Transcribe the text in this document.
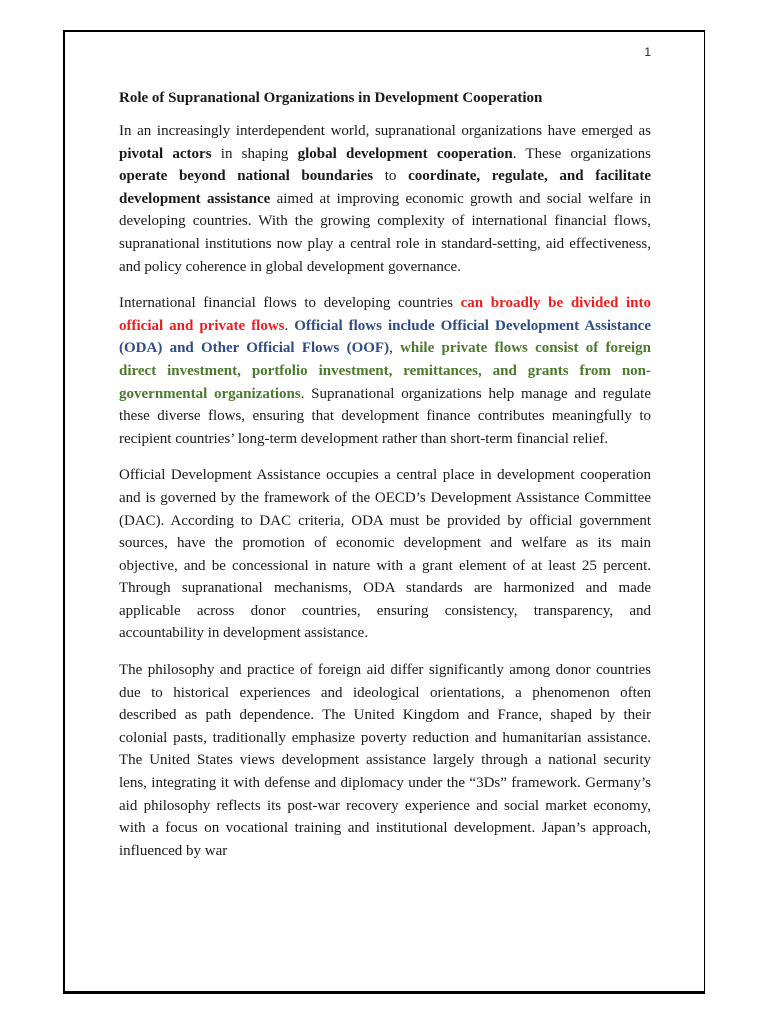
1
Role of Supranational Organizations in Development Cooperation

In an increasingly interdependent world, supranational organizations have emerged as pivotal actors in shaping global development cooperation. These organizations operate beyond national boundaries to coordinate, regulate, and facilitate development assistance aimed at improving economic growth and social welfare in developing countries. With the growing complexity of international financial flows, supranational institutions now play a central role in standard-setting, aid effectiveness, and policy coherence in global development governance.

International financial flows to developing countries can broadly be divided into official and private flows. Official flows include Official Development Assistance (ODA) and Other Official Flows (OOF), while private flows consist of foreign direct investment, portfolio investment, remittances, and grants from non-governmental organizations. Supranational organizations help manage and regulate these diverse flows, ensuring that development finance contributes meaningfully to recipient countries’ long-term development rather than short-term financial relief.

Official Development Assistance occupies a central place in development cooperation and is governed by the framework of the OECD’s Development Assistance Committee (DAC). According to DAC criteria, ODA must be provided by official government sources, have the promotion of economic development and welfare as its main objective, and be concessional in nature with a grant element of at least 25 percent. Through supranational mechanisms, ODA standards are harmonized and made applicable across donor countries, ensuring consistency, transparency, and accountability in development assistance.

The philosophy and practice of foreign aid differ significantly among donor countries due to historical experiences and ideological orientations, a phenomenon often described as path dependence. The United Kingdom and France, shaped by their colonial pasts, traditionally emphasize poverty reduction and humanitarian assistance. The United States views development assistance largely through a national security lens, integrating it with defense and diplomacy under the “3Ds” framework. Germany’s aid philosophy reflects its post-war recovery experience and social market economy, with a focus on vocational training and institutional development. Japan’s approach, influenced by war
